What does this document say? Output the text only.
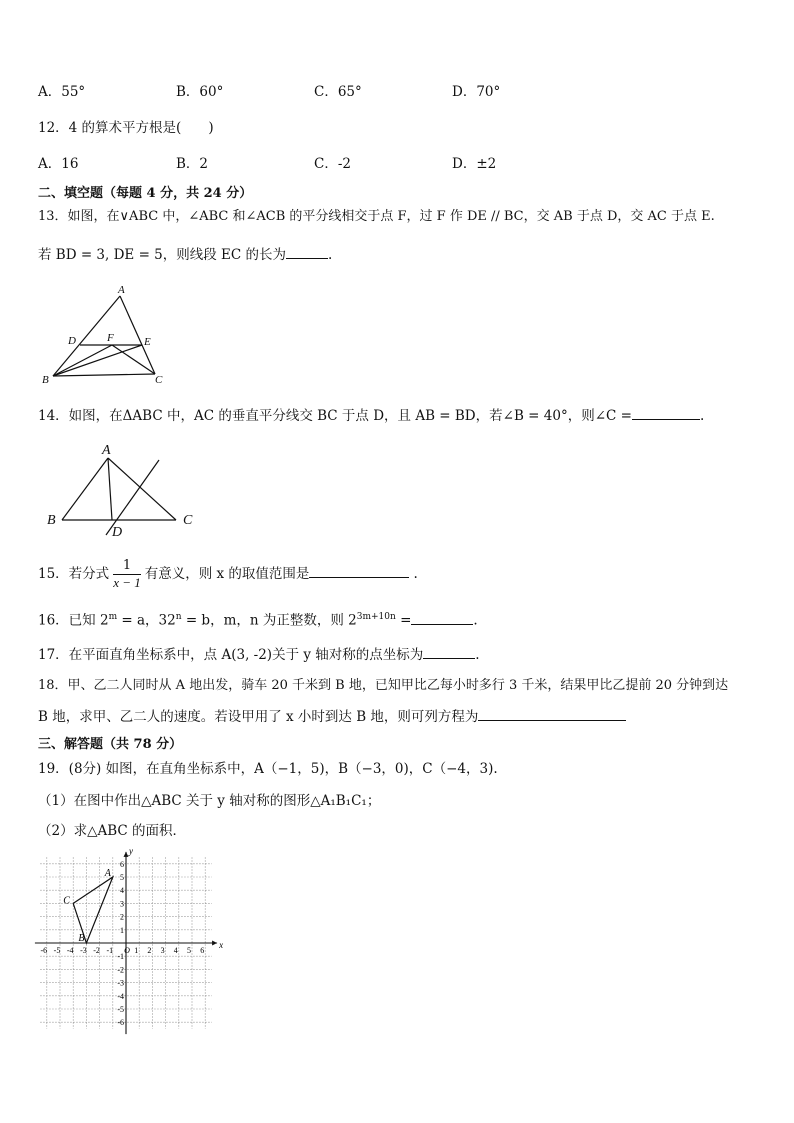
A．55°	B．60°	C．65°	D．70°
12．4 的算术平方根是(　　)
A．16	B．2	C．-2	D．±2
二、填空题（每题 4 分，共 24 分）
13．如图，在∨ABC 中，∠ABC 和∠ACB 的平分线相交于点 F，过 F 作 DE // BC，交 AB 于点 D，交 AC 于点 E.
若 BD = 3, DE = 5，则线段 EC 的长为	.
A
D	F	E
B	C
14．如图，在ΔABC 中，AC 的垂直平分线交 BC 于点 D，且 AB = BD，若∠B = 40°，则∠C =	.
A
B	C
D
15．若分式 $\frac{1}{x - 1}$ 有意义，则 x 的取值范围是	.
16．已知 $2^m = a$，$32^n = b$，m，n 为正整数，则 $2^{3m+10n}$ =	.
17．在平面直角坐标系中，点 A(3, -2)关于 y 轴对称的点坐标为	.
18．甲、乙二人同时从 A 地出发，骑车 20 千米到 B 地，已知甲比乙每小时多行 3 千米，结果甲比乙提前 20 分钟到达
B 地，求甲、乙二人的速度。若设甲用了 x 小时到达 B 地，则可列方程为
三、解答题（共 78 分）
19．(8分) 如图，在直角坐标系中，A（−1，5)，B（−3，0)，C（−4，3).
（1）在图中作出△ABC 关于 y 轴对称的图形△A₁B₁C₁；
（2）求△ABC 的面积．
x
y
-6 -5 -4 -3 -2 -1 O 1 2 3 4 5 6
6
5
4
3
2
1
-1
-2
-3
-4
-5
-6
A
B
C
